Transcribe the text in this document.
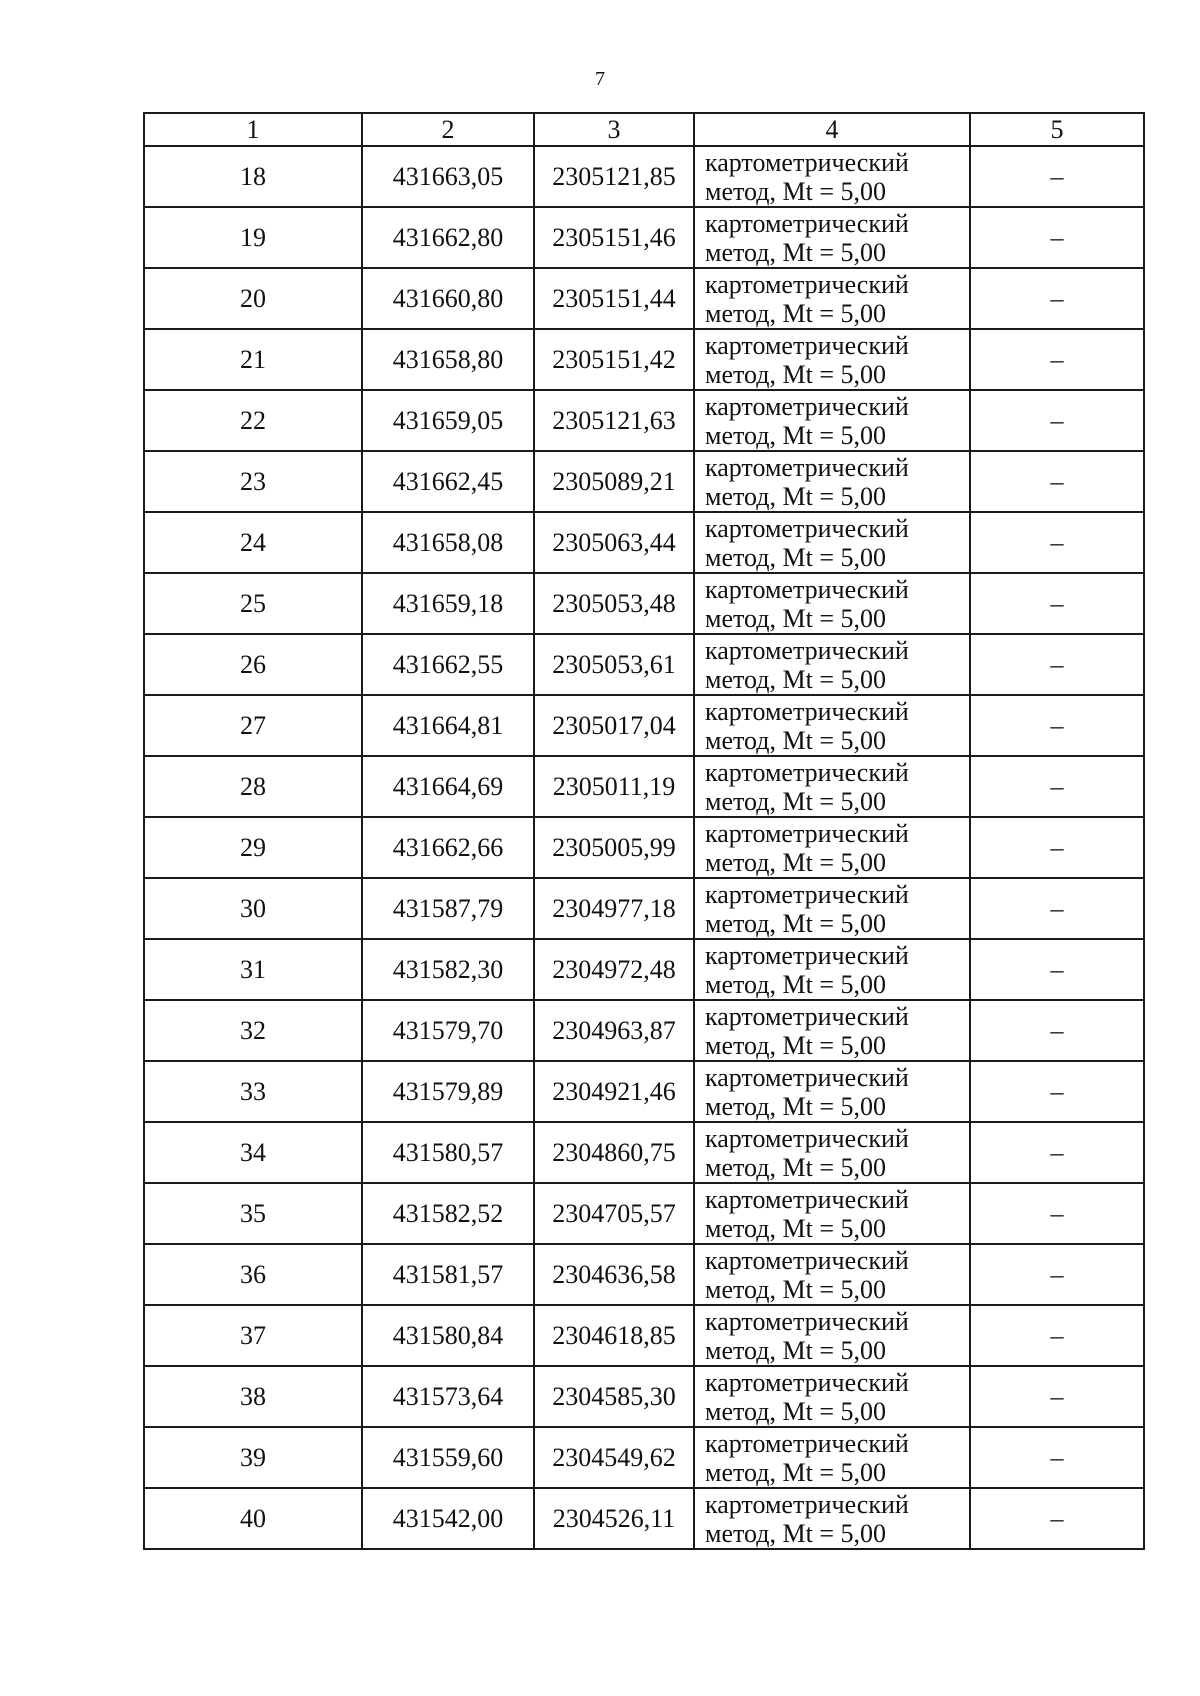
7
1	2	3	4	5
18	431663,05	2305121,85	картометрический
метод, Mt = 5,00	–
19	431662,80	2305151,46	картометрический
метод, Mt = 5,00	–
20	431660,80	2305151,44	картометрический
метод, Mt = 5,00	–
21	431658,80	2305151,42	картометрический
метод, Mt = 5,00	–
22	431659,05	2305121,63	картометрический
метод, Mt = 5,00	–
23	431662,45	2305089,21	картометрический
метод, Mt = 5,00	–
24	431658,08	2305063,44	картометрический
метод, Mt = 5,00	–
25	431659,18	2305053,48	картометрический
метод, Mt = 5,00	–
26	431662,55	2305053,61	картометрический
метод, Mt = 5,00	–
27	431664,81	2305017,04	картометрический
метод, Mt = 5,00	–
28	431664,69	2305011,19	картометрический
метод, Mt = 5,00	–
29	431662,66	2305005,99	картометрический
метод, Mt = 5,00	–
30	431587,79	2304977,18	картометрический
метод, Mt = 5,00	–
31	431582,30	2304972,48	картометрический
метод, Mt = 5,00	–
32	431579,70	2304963,87	картометрический
метод, Mt = 5,00	–
33	431579,89	2304921,46	картометрический
метод, Mt = 5,00	–
34	431580,57	2304860,75	картометрический
метод, Mt = 5,00	–
35	431582,52	2304705,57	картометрический
метод, Mt = 5,00	–
36	431581,57	2304636,58	картометрический
метод, Mt = 5,00	–
37	431580,84	2304618,85	картометрический
метод, Mt = 5,00	–
38	431573,64	2304585,30	картометрический
метод, Mt = 5,00	–
39	431559,60	2304549,62	картометрический
метод, Mt = 5,00	–
40	431542,00	2304526,11	картометрический
метод, Mt = 5,00	–
